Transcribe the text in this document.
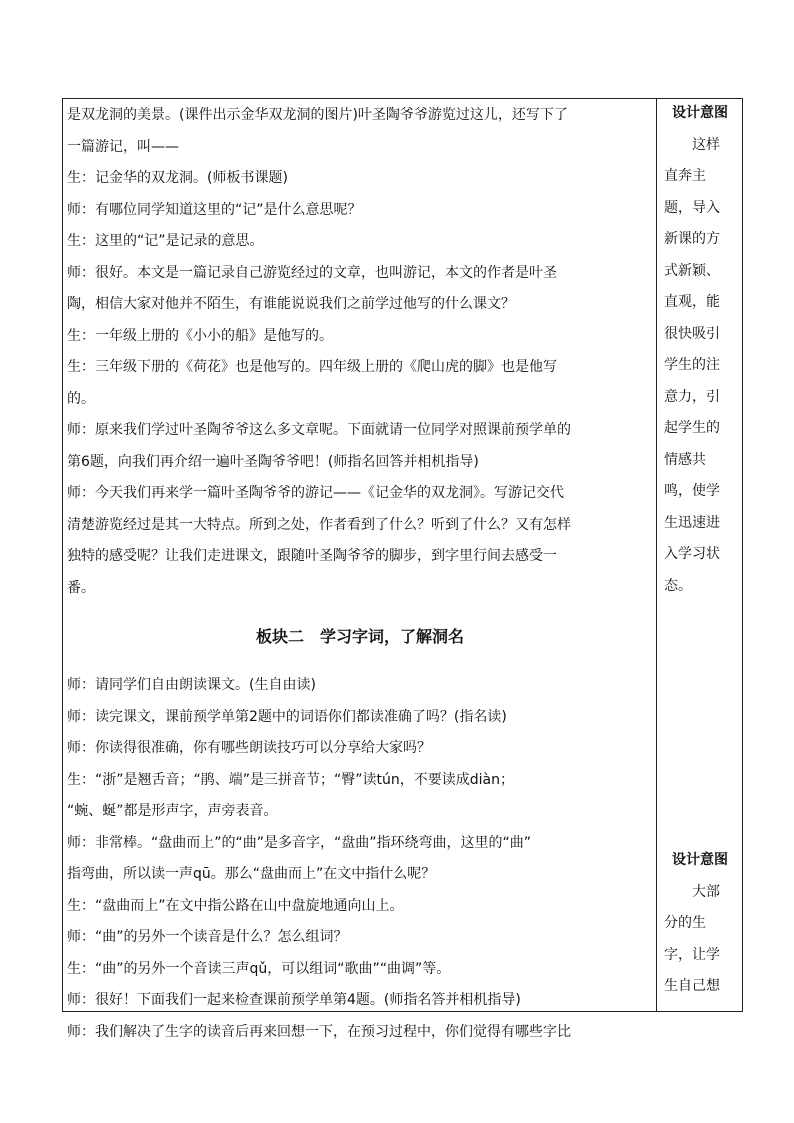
是双龙洞的美景。(课件出示金华双龙洞的图片)叶圣陶爷爷游览过这儿，还写下了
一篇游记，叫——
生：记金华的双龙洞。(师板书课题)
师：有哪位同学知道这里的“记”是什么意思呢？
生：这里的“记”是记录的意思。
师：很好。本文是一篇记录自己游览经过的文章，也叫游记，本文的作者是叶圣
陶，相信大家对他并不陌生，有谁能说说我们之前学过他写的什么课文？
生：一年级上册的《小小的船》是他写的。
生：三年级下册的《荷花》也是他写的。四年级上册的《爬山虎的脚》也是他写
的。
师：原来我们学过叶圣陶爷爷这么多文章呢。下面就请一位同学对照课前预学单的
第6题，向我们再介绍一遍叶圣陶爷爷吧！(师指名回答并相机指导)
师：今天我们再来学一篇叶圣陶爷爷的游记——《记金华的双龙洞》。写游记交代
清楚游览经过是其一大特点。所到之处，作者看到了什么？听到了什么？又有怎样
独特的感受呢？让我们走进课文，跟随叶圣陶爷爷的脚步，到字里行间去感受一
番。
板块二　学习字词，了解洞名
师：请同学们自由朗读课文。(生自由读)
师：读完课文，课前预学单第2题中的词语你们都读准确了吗？(指名读)
师：你读得很准确，你有哪些朗读技巧可以分享给大家吗？
生：“浙”是翘舌音；“鹃、端”是三拼音节；“臀”读tún，不要读成diàn；
“蜿、蜒”都是形声字，声旁表音。
师：非常棒。“盘曲而上”的“曲”是多音字，“盘曲”指环绕弯曲，这里的“曲”
指弯曲，所以读一声qū。那么“盘曲而上”在文中指什么呢？
生：“盘曲而上”在文中指公路在山中盘旋地通向山上。
师：“曲”的另外一个读音是什么？怎么组词？
生：“曲”的另外一个音读三声qǔ，可以组词“歌曲”“曲调”等。
师：很好！下面我们一起来检查课前预学单第4题。(师指名答并相机指导)
师：我们解决了生字的读音后再来回想一下，在预习过程中，你们觉得有哪些字比
设计意图
这样
直奔主
题，导入
新课的方
式新颖、
直观，能
很快吸引
学生的注
意力，引
起学生的
情感共
鸣，使学
生迅速进
入学习状
态。
设计意图
大部
分的生
字，让学
生自己想
